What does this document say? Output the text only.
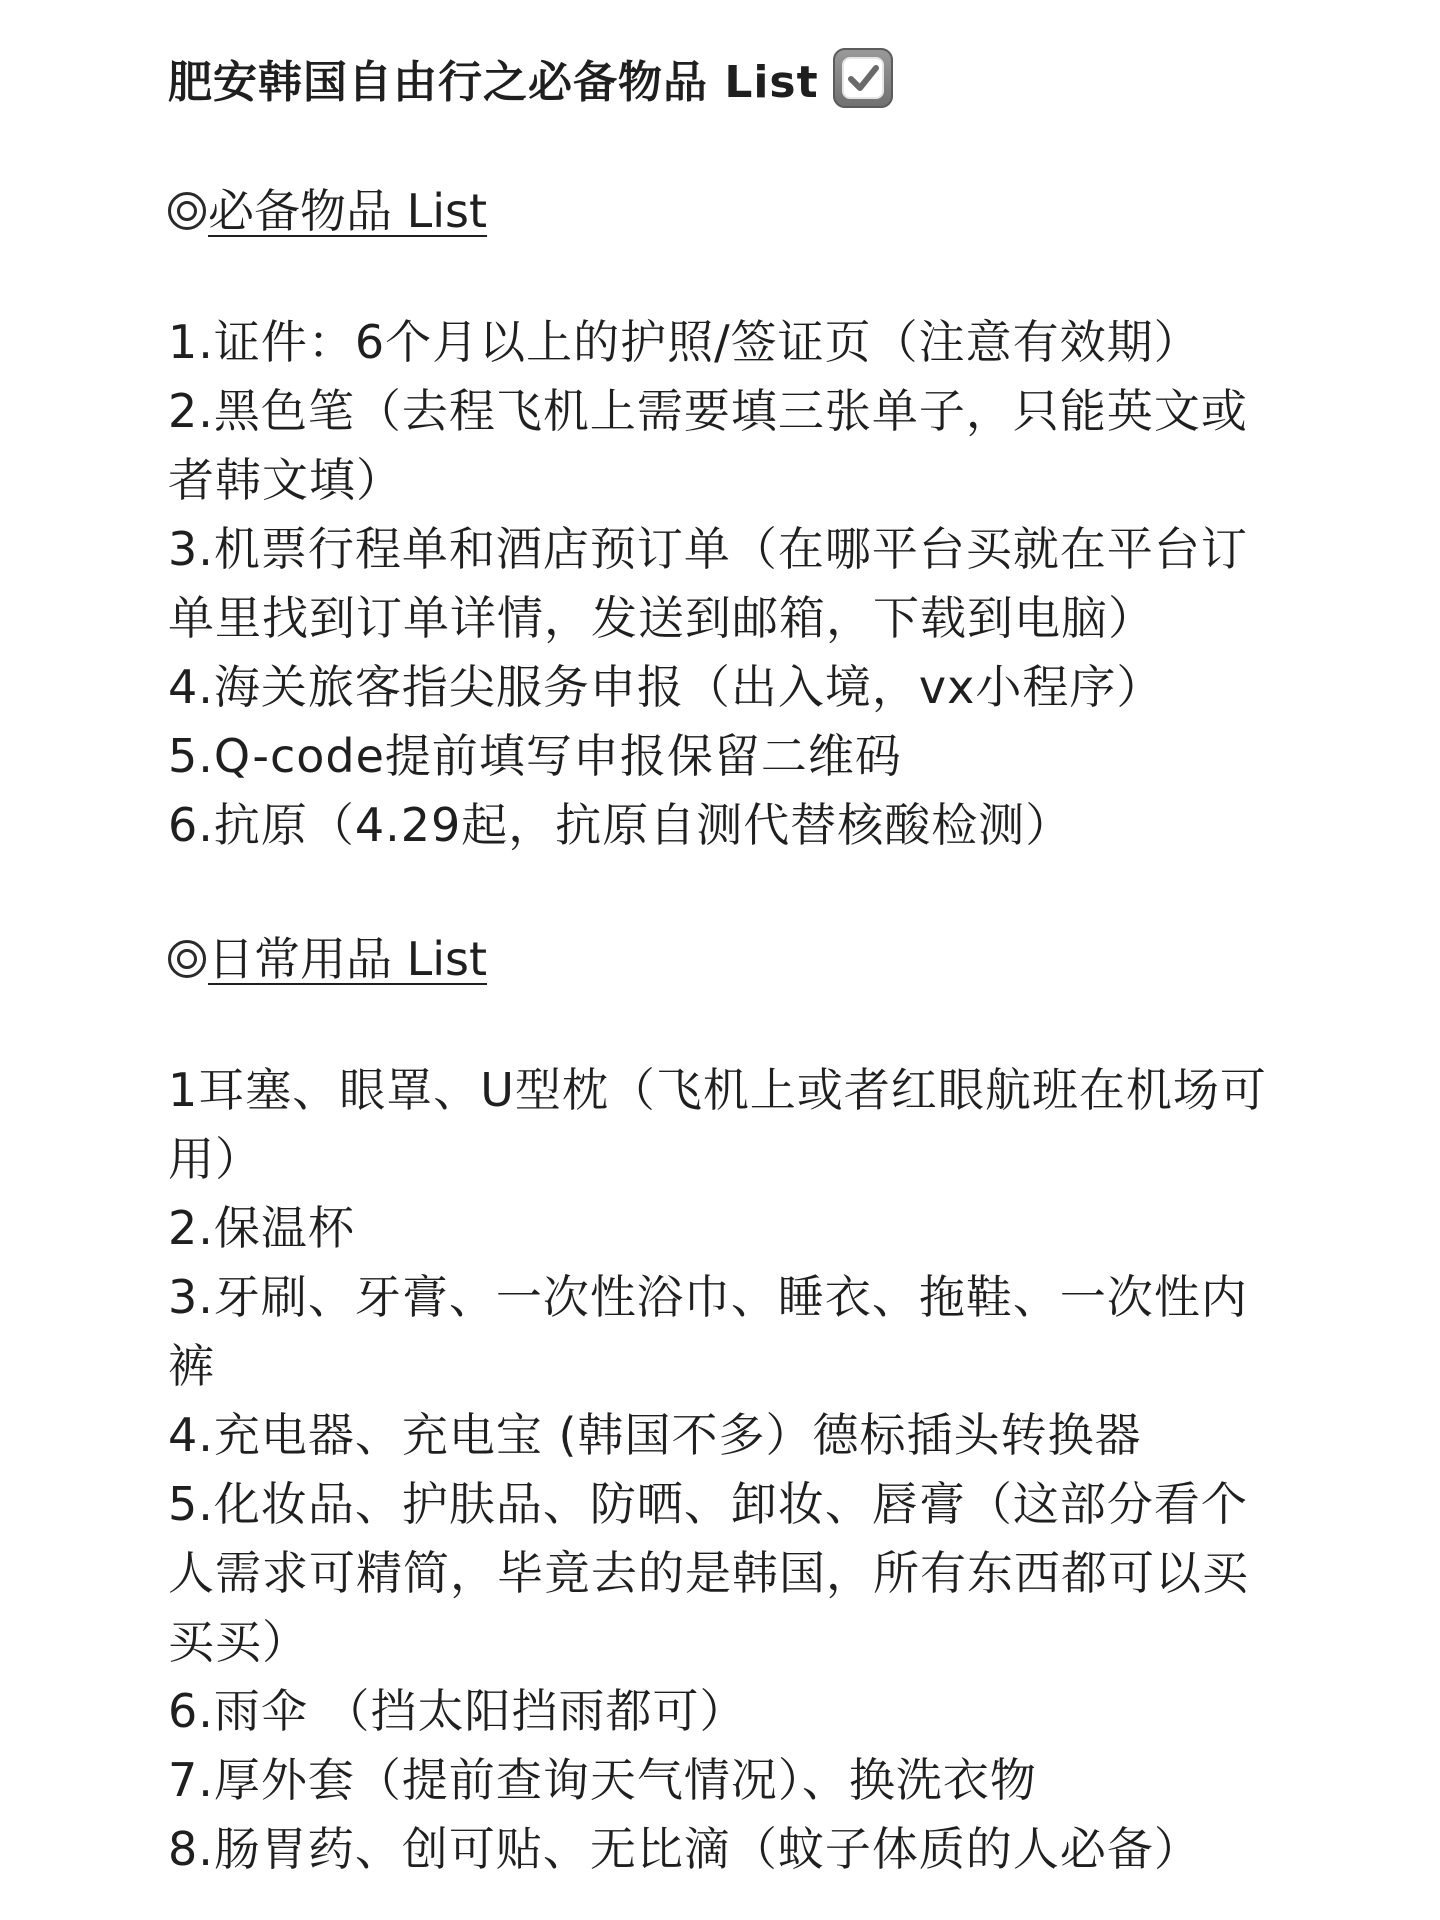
肥安韩国自由行之必备物品 List
必备物品 List
1.证件：6个月以上的护照/签证页（注意有效期）
2.黑色笔（去程飞机上需要填三张单子，只能英文或者韩文填）
3.机票行程单和酒店预订单（在哪平台买就在平台订单里找到订单详情，发送到邮箱，下载到电脑）
4.海关旅客指尖服务申报（出入境，vx小程序）
5.Q-code提前填写申报保留二维码
6.抗原（4.29起，抗原自测代替核酸检测）
日常用品 List
1耳塞、眼罩、U型枕（飞机上或者红眼航班在机场可用）
2.保温杯
3.牙刷、牙膏、一次性浴巾、睡衣、拖鞋、一次性内裤
4.充电器、充电宝 (韩国不多）德标插头转换器
5.化妆品、护肤品、防晒、卸妆、唇膏（这部分看个人需求可精简，毕竟去的是韩国，所有东西都可以买买买）
6.雨伞 （挡太阳挡雨都可）
7.厚外套（提前查询天气情况）、换洗衣物
8.肠胃药、创可贴、无比滴（蚊子体质的人必备）
